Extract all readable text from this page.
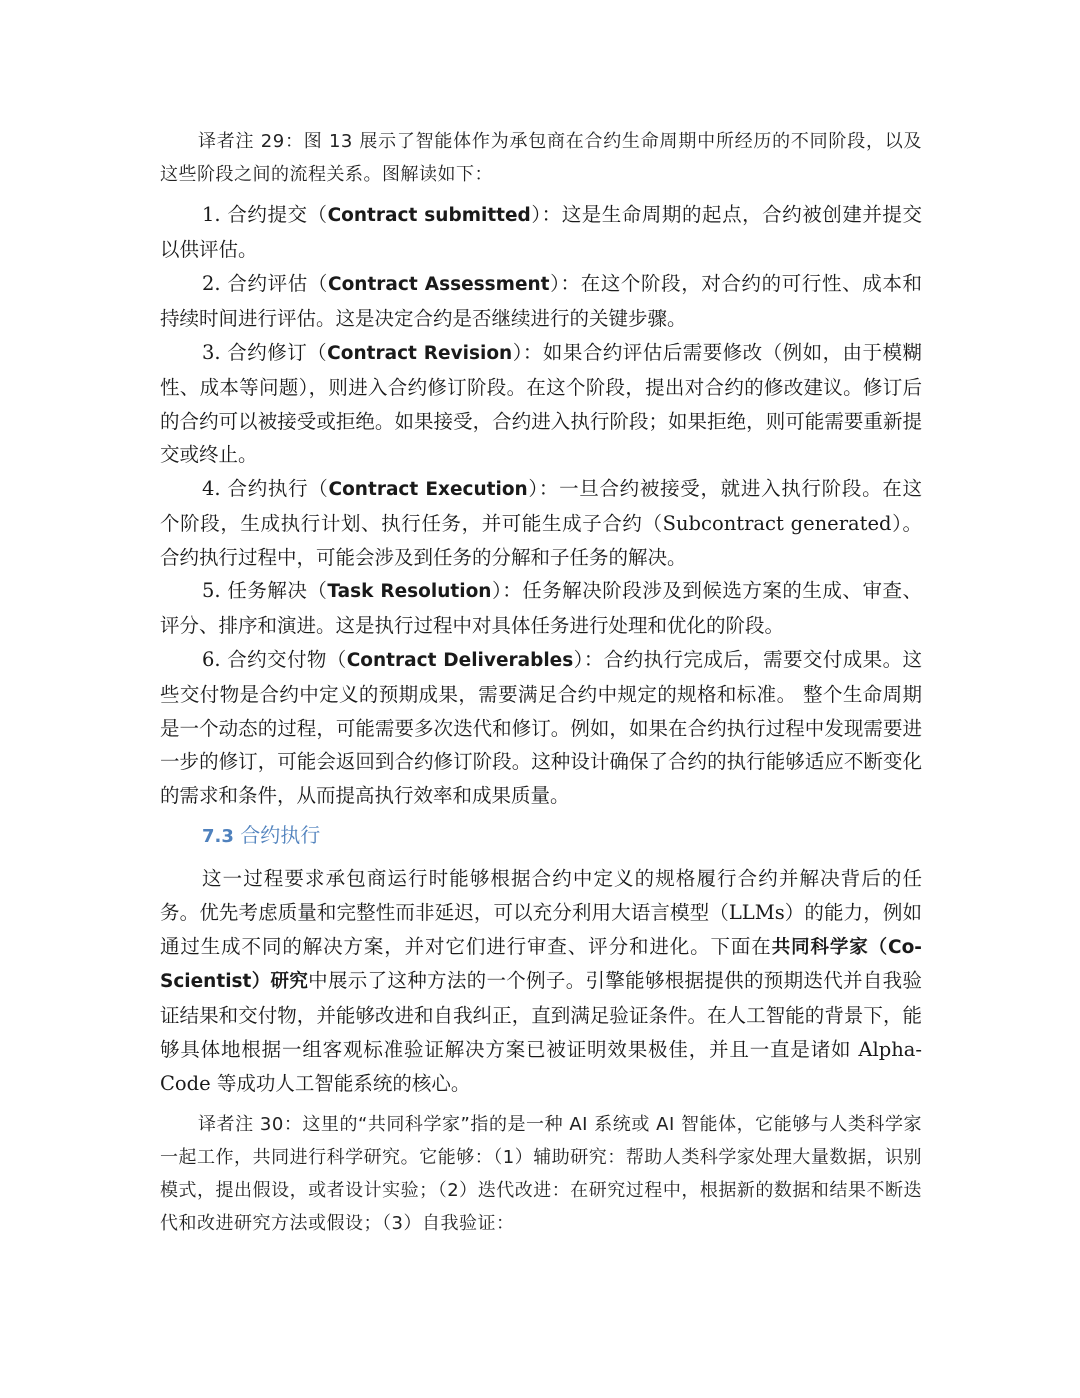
译者注 29：图 13 展示了智能体作为承包商在合约生命周期中所经历的不同阶段，以及这些阶段之间的流程关系。图解读如下：
1. 合约提交（Contract submitted）：这是生命周期的起点，合约被创建并提交以供评估。
2. 合约评估（Contract Assessment）：在这个阶段，对合约的可行性、成本和持续时间进行评估。这是决定合约是否继续进行的关键步骤。
3. 合约修订（Contract Revision）：如果合约评估后需要修改（例如，由于模糊性、成本等问题），则进入合约修订阶段。在这个阶段，提出对合约的修改建议。修订后的合约可以被接受或拒绝。如果接受，合约进入执行阶段；如果拒绝，则可能需要重新提交或终止。
4. 合约执行（Contract Execution）：一旦合约被接受，就进入执行阶段。在这个阶段，生成执行计划、执行任务，并可能生成子合约（Subcontract generated）。合约执行过程中，可能会涉及到任务的分解和子任务的解决。
5. 任务解决（Task Resolution）：任务解决阶段涉及到候选方案的生成、审查、评分、排序和演进。这是执行过程中对具体任务进行处理和优化的阶段。
6. 合约交付物（Contract Deliverables）：合约执行完成后，需要交付成果。这些交付物是合约中定义的预期成果，需要满足合约中规定的规格和标准。 整个生命周期是一个动态的过程，可能需要多次迭代和修订。例如，如果在合约执行过程中发现需要进一步的修订，可能会返回到合约修订阶段。这种设计确保了合约的执行能够适应不断变化的需求和条件，从而提高执行效率和成果质量。
7.3 合约执行
这一过程要求承包商运行时能够根据合约中定义的规格履行合约并解决背后的任务。优先考虑质量和完整性而非延迟，可以充分利用大语言模型（LLMs）的能力，例如通过生成不同的解决方案，并对它们进行审查、评分和进化。下面在共同科学家（Co-Scientist）研究中展示了这种方法的一个例子。引擎能够根据提供的预期迭代并自我验证结果和交付物，并能够改进和自我纠正，直到满足验证条件。在人工智能的背景下，能够具体地根据一组客观标准验证解决方案已被证明效果极佳，并且一直是诸如 Alpha-Code 等成功人工智能系统的核心。
译者注 30：这里的“共同科学家”指的是一种 AI 系统或 AI 智能体，它能够与人类科学家一起工作，共同进行科学研究。它能够：（1）辅助研究：帮助人类科学家处理大量数据，识别模式，提出假设，或者设计实验；（2）迭代改进：在研究过程中，根据新的数据和结果不断迭代和改进研究方法或假设；（3）自我验证：
